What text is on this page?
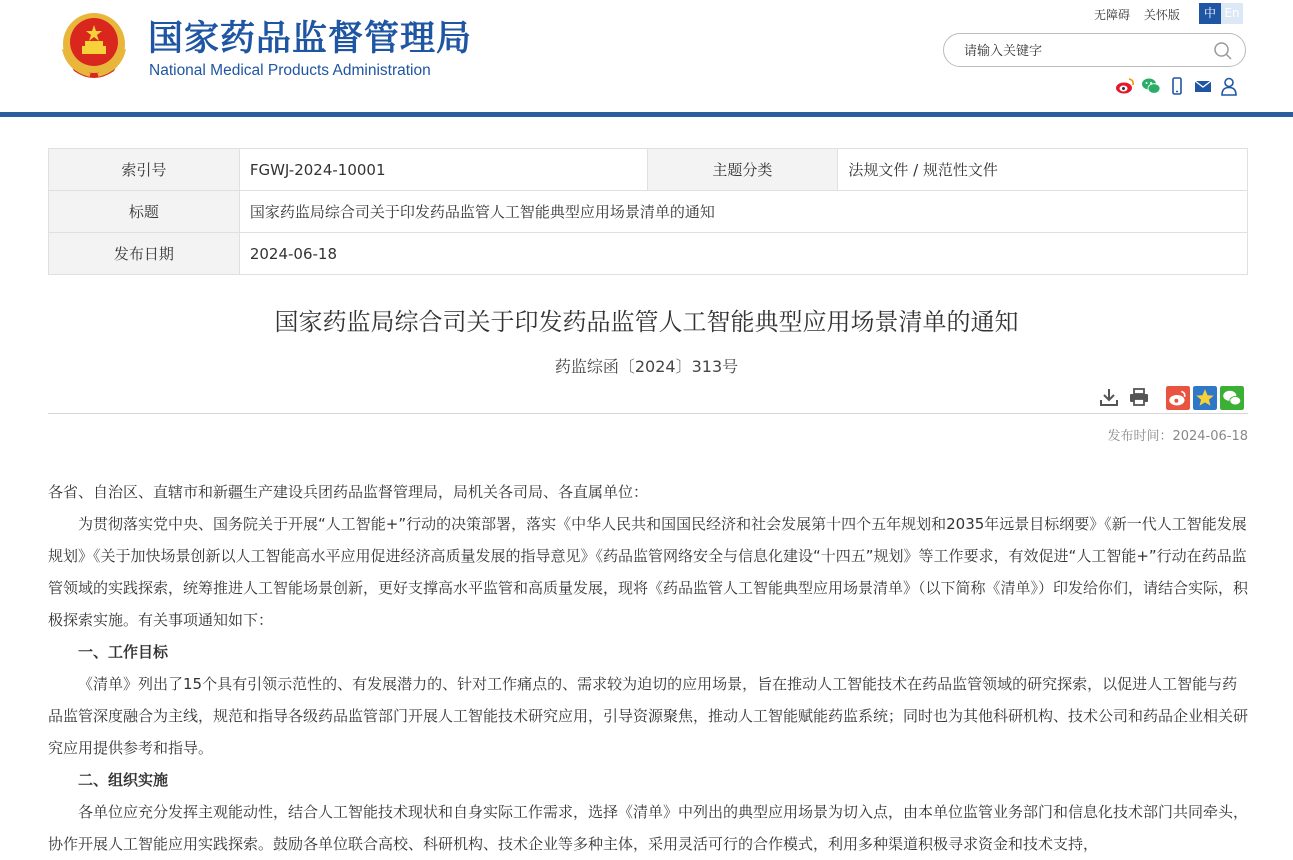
国家药品监督管理局
National Medical Products Administration
无障碍 关怀版	中 En
请输入关键字
索引号	FGWJ-2024-10001	主题分类	法规文件 / 规范性文件
标题	国家药监局综合司关于印发药品监管人工智能典型应用场景清单的通知		
发布日期	2024-06-18		
国家药监局综合司关于印发药品监管人工智能典型应用场景清单的通知
药监综函〔2024〕313号
发布时间：2024-06-18

各省、自治区、直辖市和新疆生产建设兵团药品监督管理局，局机关各司局、各直属单位：

为贯彻落实党中央、国务院关于开展“人工智能+”行动的决策部署，落实《中华人民共和国国民经济和社会发展第十四个五年规划和2035年远景目标纲要》《新一代人工智能发展规划》《关于加快场景创新以人工智能高水平应用促进经济高质量发展的指导意见》《药品监管网络安全与信息化建设“十四五”规划》等工作要求，有效促进“人工智能+”行动在药品监管领域的实践探索，统筹推进人工智能场景创新，更好支撑高水平监管和高质量发展，现将《药品监管人工智能典型应用场景清单》（以下简称《清单》）印发给你们，请结合实际，积极探索实施。有关事项通知如下：

一、工作目标

《清单》列出了15个具有引领示范性的、有发展潜力的、针对工作痛点的、需求较为迫切的应用场景，旨在推动人工智能技术在药品监管领域的研究探索，以促进人工智能与药品监管深度融合为主线，规范和指导各级药品监管部门开展人工智能技术研究应用，引导资源聚焦，推动人工智能赋能药监系统；同时也为其他科研机构、技术公司和药品企业相关研究应用提供参考和指导。

二、组织实施

各单位应充分发挥主观能动性，结合人工智能技术现状和自身实际工作需求，选择《清单》中列出的典型应用场景为切入点，由本单位监管业务部门和信息化技术部门共同牵头，协作开展人工智能应用实践探索。鼓励各单位联合高校、科研机构、技术企业等多种主体，采用灵活可行的合作模式，利用多种渠道积极寻求资金和技术支持，
